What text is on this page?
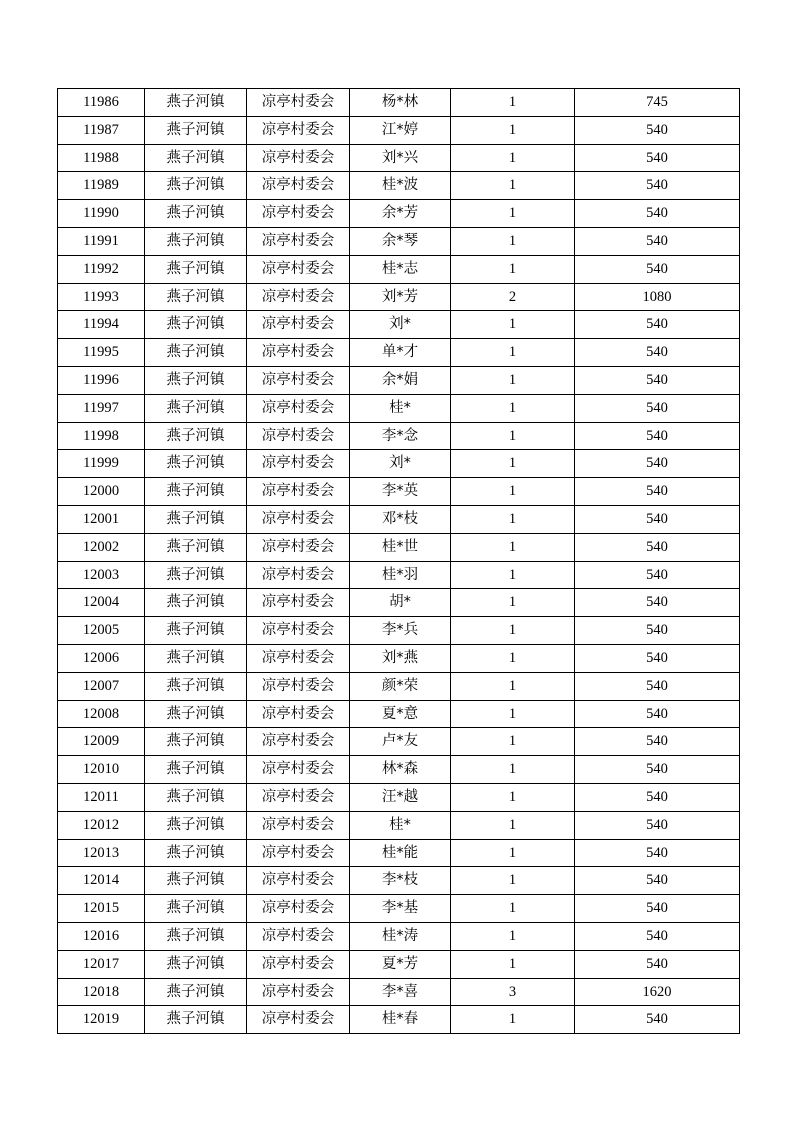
11986	燕子河镇	凉亭村委会	杨*林	1	745
11987	燕子河镇	凉亭村委会	江*婷	1	540
11988	燕子河镇	凉亭村委会	刘*兴	1	540
11989	燕子河镇	凉亭村委会	桂*波	1	540
11990	燕子河镇	凉亭村委会	余*芳	1	540
11991	燕子河镇	凉亭村委会	余*琴	1	540
11992	燕子河镇	凉亭村委会	桂*志	1	540
11993	燕子河镇	凉亭村委会	刘*芳	2	1080
11994	燕子河镇	凉亭村委会	刘*	1	540
11995	燕子河镇	凉亭村委会	单*才	1	540
11996	燕子河镇	凉亭村委会	余*娟	1	540
11997	燕子河镇	凉亭村委会	桂*	1	540
11998	燕子河镇	凉亭村委会	李*念	1	540
11999	燕子河镇	凉亭村委会	刘*	1	540
12000	燕子河镇	凉亭村委会	李*英	1	540
12001	燕子河镇	凉亭村委会	邓*枝	1	540
12002	燕子河镇	凉亭村委会	桂*世	1	540
12003	燕子河镇	凉亭村委会	桂*羽	1	540
12004	燕子河镇	凉亭村委会	胡*	1	540
12005	燕子河镇	凉亭村委会	李*兵	1	540
12006	燕子河镇	凉亭村委会	刘*燕	1	540
12007	燕子河镇	凉亭村委会	颜*荣	1	540
12008	燕子河镇	凉亭村委会	夏*意	1	540
12009	燕子河镇	凉亭村委会	卢*友	1	540
12010	燕子河镇	凉亭村委会	林*森	1	540
12011	燕子河镇	凉亭村委会	汪*越	1	540
12012	燕子河镇	凉亭村委会	桂*	1	540
12013	燕子河镇	凉亭村委会	桂*能	1	540
12014	燕子河镇	凉亭村委会	李*枝	1	540
12015	燕子河镇	凉亭村委会	李*基	1	540
12016	燕子河镇	凉亭村委会	桂*涛	1	540
12017	燕子河镇	凉亭村委会	夏*芳	1	540
12018	燕子河镇	凉亭村委会	李*喜	3	1620
12019	燕子河镇	凉亭村委会	桂*春	1	540
